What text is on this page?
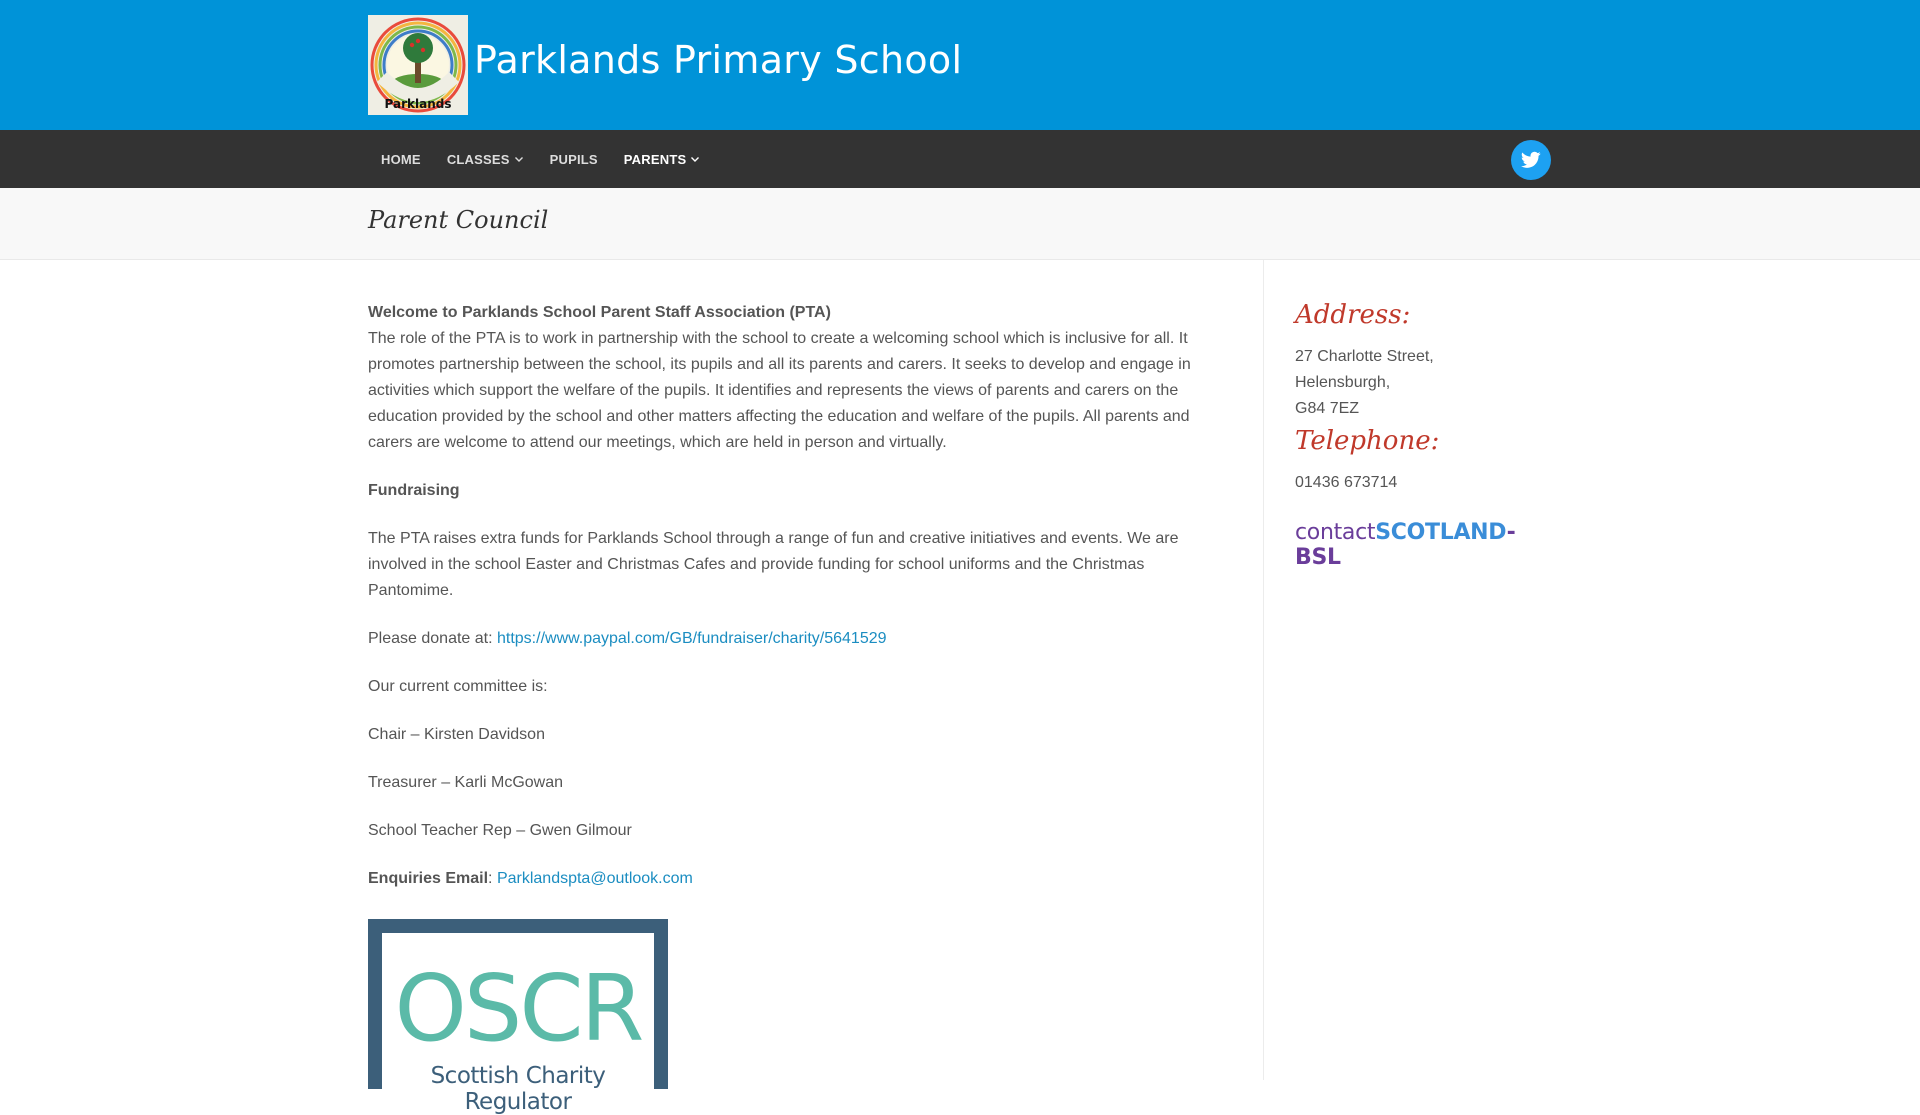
Parklands
Parklands Primary School
HOME CLASSES	PUPILS PARENTS
Parent Council

Welcome to Parklands School Parent Staff Association (PTA)
The role of the PTA is to work in partnership with the school to create a welcoming school which is inclusive for all. It promotes partnership between the school, its pupils and all its parents and carers. It seeks to develop and engage in activities which support the welfare of the pupils. It identifies and represents the views of parents and carers on the education provided by the school and other matters affecting the education and welfare of the pupils. All parents and carers are welcome to attend our meetings, which are held in person and virtually.

Fundraising

The PTA raises extra funds for Parklands School through a range of fun and creative initiatives and events. We are involved in the school Easter and Christmas Cafes and provide funding for school uniforms and the Christmas Pantomime.

Please donate at: https://www.paypal.com/GB/fundraiser/charity/5641529

Our current committee is:

Chair – Kirsten Davidson

Treasurer – Karli McGowan

School Teacher Rep – Gwen Gilmour

Enquiries Email: Parklandspta@outlook.com

OSCR
Scottish Charity Regulator
Address:
27 Charlotte Street,
Helensburgh,
G84 7EZ
Telephone:
01436 673714
contactSCOTLAND-BSL
